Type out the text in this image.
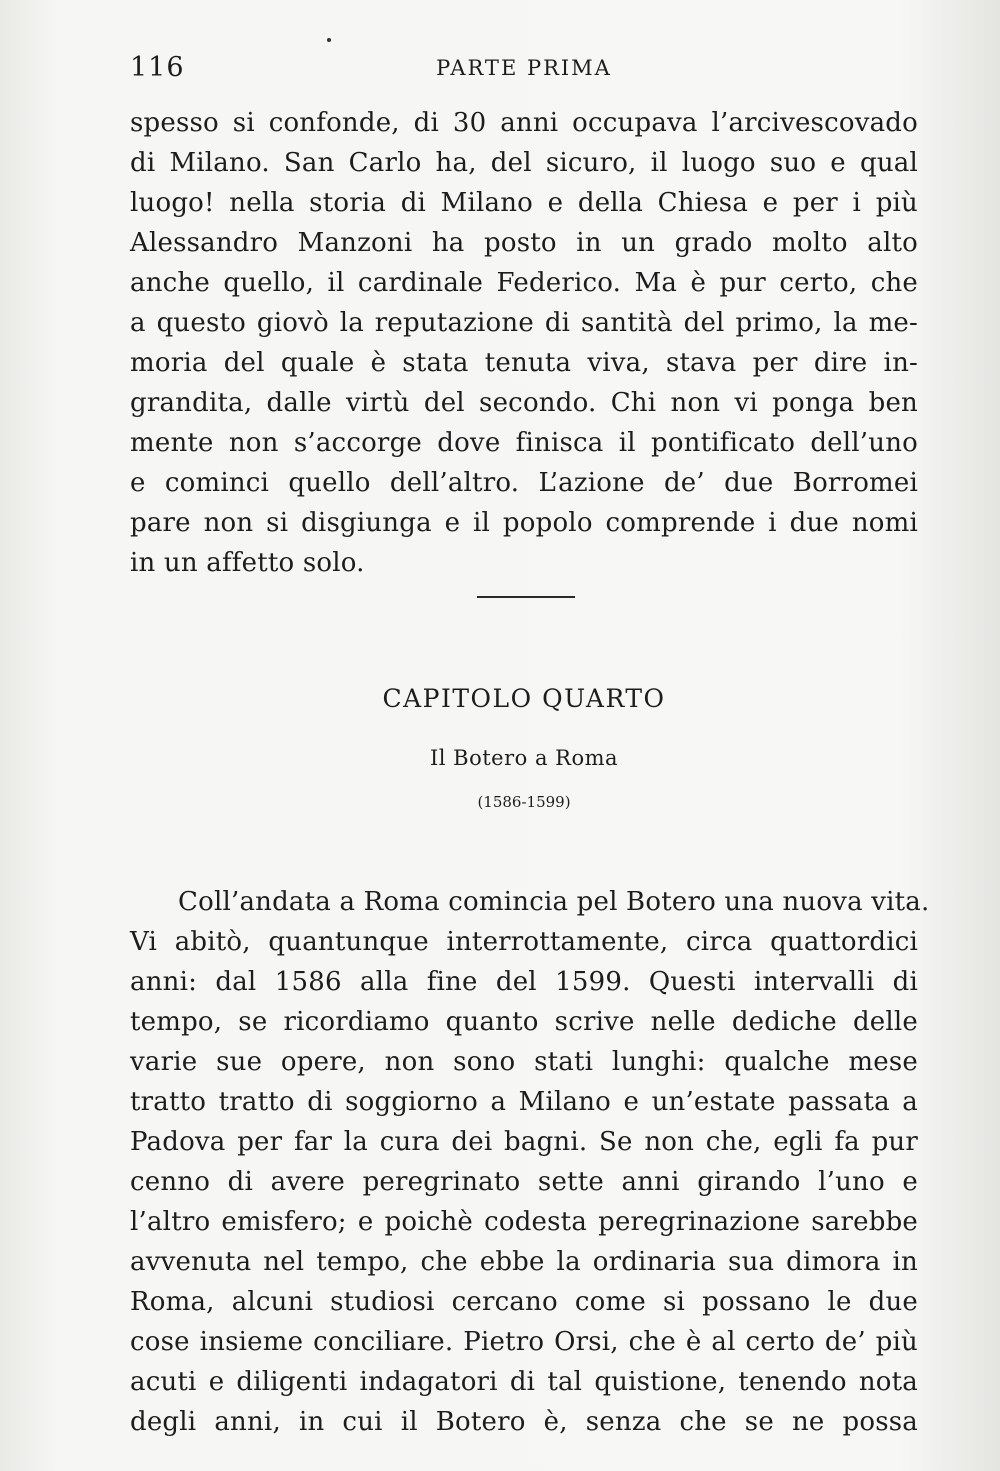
116	PARTE PRIMA
spesso si confonde, di 30 anni occupava l’arcivescovado
di Milano. San Carlo ha, del sicuro, il luogo suo e qual
luogo! nella storia di Milano e della Chiesa e per i più
Alessandro Manzoni ha posto in un grado molto alto
anche quello, il cardinale Federico. Ma è pur certo, che
a questo giovò la reputazione di santità del primo, la me-
moria del quale è stata tenuta viva, stava per dire in-
grandita, dalle virtù del secondo. Chi non vi ponga ben
mente non s’accorge dove finisca il pontificato dell’uno
e cominci quello dell’altro. L’azione de’ due Borromei
pare non si disgiunga e il popolo comprende i due nomi
in un affetto solo.
CAPITOLO QUARTO
Il Botero a Roma
(1586-1599)
Coll’andata a Roma comincia pel Botero una nuova vita.
Vi abitò, quantunque interrottamente, circa quattordici
anni: dal 1586 alla fine del 1599. Questi intervalli di
tempo, se ricordiamo quanto scrive nelle dediche delle
varie sue opere, non sono stati lunghi: qualche mese
tratto tratto di soggiorno a Milano e un’estate passata a
Padova per far la cura dei bagni. Se non che, egli fa pur
cenno di avere peregrinato sette anni girando l’uno e
l’altro emisfero; e poichè codesta peregrinazione sarebbe
avvenuta nel tempo, che ebbe la ordinaria sua dimora in
Roma, alcuni studiosi cercano come si possano le due
cose insieme conciliare. Pietro Orsi, che è al certo de’ più
acuti e diligenti indagatori di tal quistione, tenendo nota
degli anni, in cui il Botero è, senza che se ne possa
